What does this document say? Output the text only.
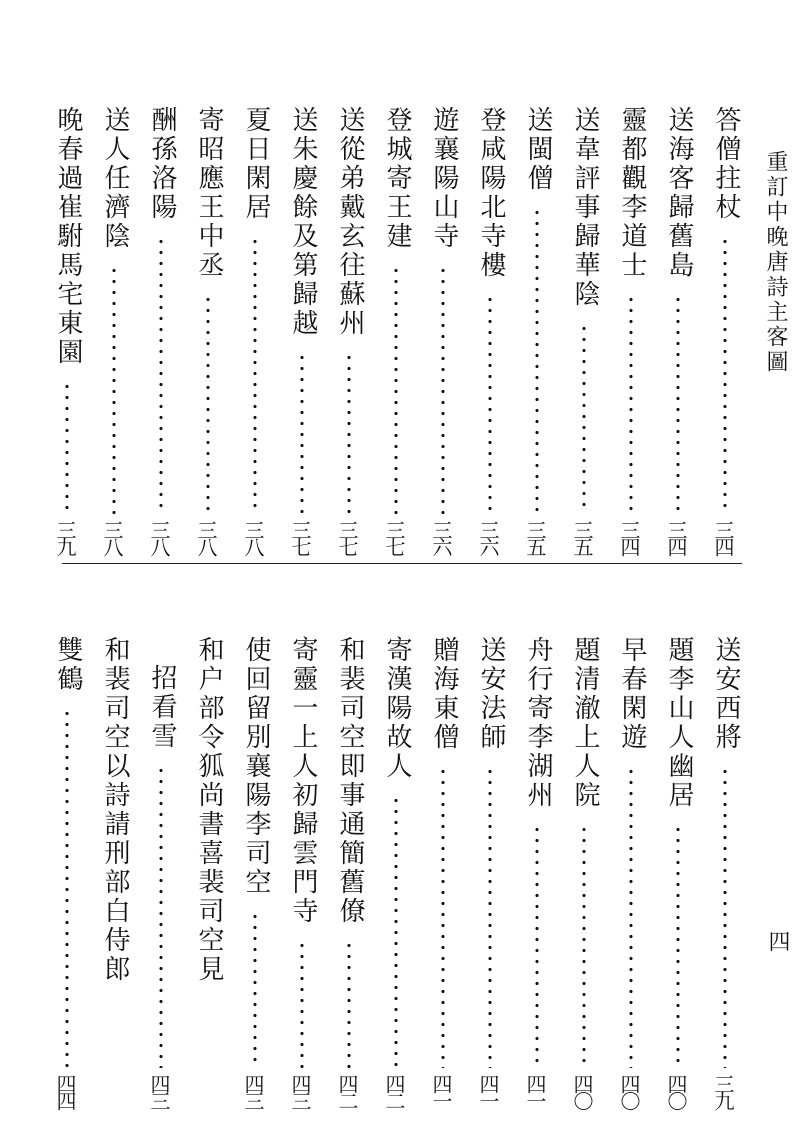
重訂中晚唐詩主客圖
四
答僧拄杖
三四
送海客歸舊島
三四
靈都觀李道士
三四
送韋評事歸華陰
三五
送閩僧
三五
登咸陽北寺樓
三六
遊襄陽山寺
三六
登城寄王建
三七
送從弟戴玄往蘇州
三七
送朱慶餘及第歸越
三七
夏日閑居
三八
寄昭應王中丞
三八
酬孫洛陽
三八
送人任濟陰
三八
晚春過崔駙馬宅東園
三九
送安西將
三九
題李山人幽居
四〇
早春閑遊
四〇
題清澈上人院
四〇
舟行寄李湖州
四一
送安法師
四一
贈海東僧
四一
寄漢陽故人
四二
和裴司空即事通簡舊僚
四二
寄靈一上人初歸雲門寺
四三
使回留別襄陽李司空
四三
和户部令狐尚書喜裴司空見
招看雪
四三
和裴司空以詩請刑部白侍郎
雙鶴
四四
